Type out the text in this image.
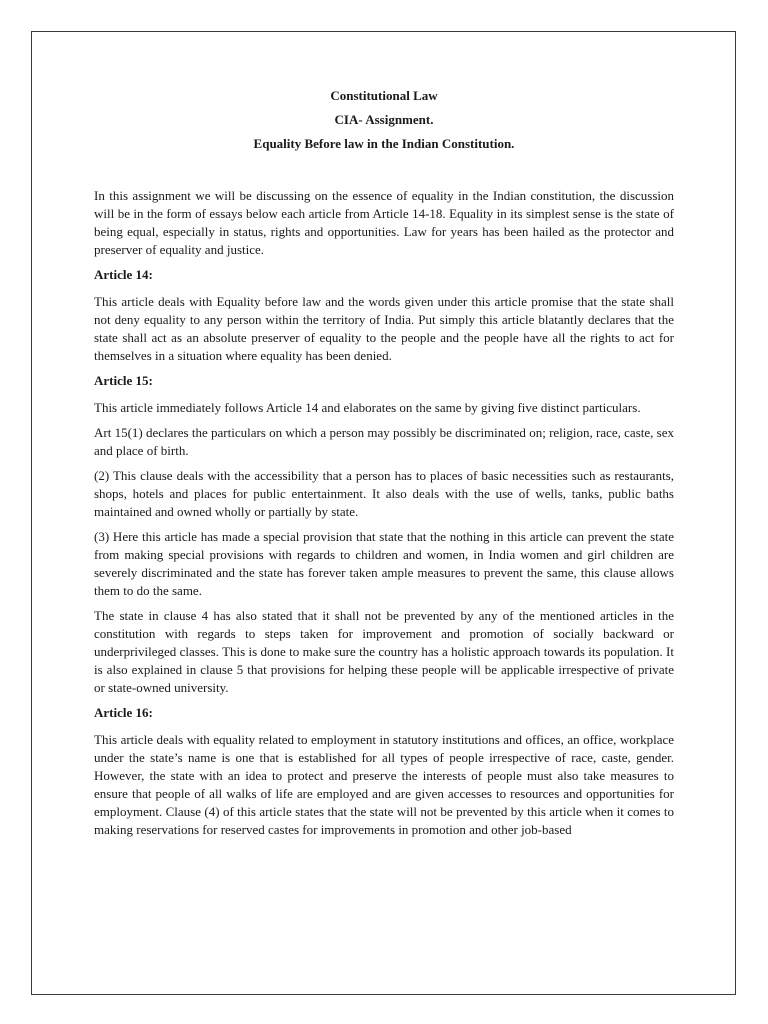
Constitutional Law

CIA- Assignment.

Equality Before law in the Indian Constitution.

In this assignment we will be discussing on the essence of equality in the Indian constitution, the discussion will be in the form of essays below each article from Article 14-18. Equality in its simplest sense is the state of being equal, especially in status, rights and opportunities. Law for years has been hailed as the protector and preserver of equality and justice.

Article 14:

This article deals with Equality before law and the words given under this article promise that the state shall not deny equality to any person within the territory of India. Put simply this article blatantly declares that the state shall act as an absolute preserver of equality to the people and the people have all the rights to act for themselves in a situation where equality has been denied.

Article 15:

This article immediately follows Article 14 and elaborates on the same by giving five distinct particulars.

Art 15(1) declares the particulars on which a person may possibly be discriminated on; religion, race, caste, sex and place of birth.

(2) This clause deals with the accessibility that a person has to places of basic necessities such as restaurants, shops, hotels and places for public entertainment. It also deals with the use of wells, tanks, public baths maintained and owned wholly or partially by state.

(3) Here this article has made a special provision that state that the nothing in this article can prevent the state from making special provisions with regards to children and women, in India women and girl children are severely discriminated and the state has forever taken ample measures to prevent the same, this clause allows them to do the same.

The state in clause 4 has also stated that it shall not be prevented by any of the mentioned articles in the constitution with regards to steps taken for improvement and promotion of socially backward or underprivileged classes. This is done to make sure the country has a holistic approach towards its population. It is also explained in clause 5 that provisions for helping these people will be applicable irrespective of private or state-owned university.

Article 16:

This article deals with equality related to employment in statutory institutions and offices, an office, workplace under the state’s name is one that is established for all types of people irrespective of race, caste, gender. However, the state with an idea to protect and preserve the interests of people must also take measures to ensure that people of all walks of life are employed and are given accesses to resources and opportunities for employment. Clause (4) of this article states that the state will not be prevented by this article when it comes to making reservations for reserved castes for improvements in promotion and other job-based
